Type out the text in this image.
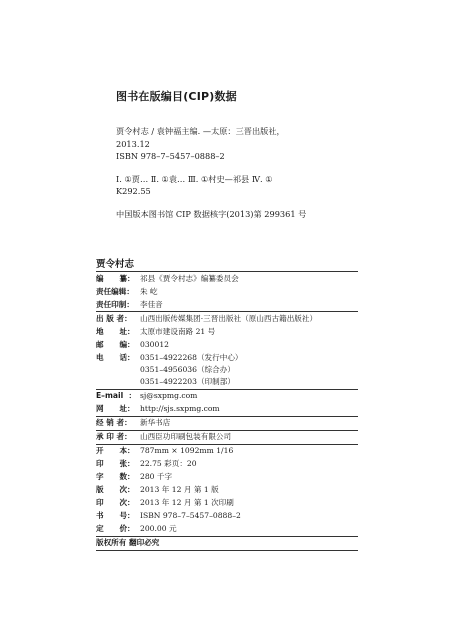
图书在版编目(CIP)数据
贾令村志 / 袁钟福主编. —太原：三晋出版社，
2013.12
ISBN 978–7–5457–0888–2
Ⅰ. ①贾… Ⅱ. ①袁… Ⅲ. ①村史—祁县 Ⅳ. ①
K292.55
中国版本图书馆 CIP 数据核字(2013)第 299361 号
贾令村志
编      纂： 祁县《贾令村志》编纂委员会
责任编辑： 朱 屹
责任印制： 李佳音
出 版 者：	山西出版传媒集团·三晋出版社（原山西古籍出版社）
地      址： 太原市建设南路 21 号
邮      编： 030012
电      话： 0351–4922268（发行中心）
0351–4956036（综合办）
0351–4922203（印制部）
E–mail  ： sj@sxpmg.com
网      址： http://sjs.sxpmg.com
经 销 者：	新华书店
承 印 者：	山西臣功印刷包装有限公司
开      本： 787mm × 1092mm 1/16
印      张： 22.75 彩页：20
字      数： 280 千字
版      次： 2013 年 12 月 第 1 版
印      次： 2013 年 12 月 第 1 次印刷
书      号： ISBN 978–7–5457–0888–2
定      价： 200.00 元
版权所有 翻印必究
